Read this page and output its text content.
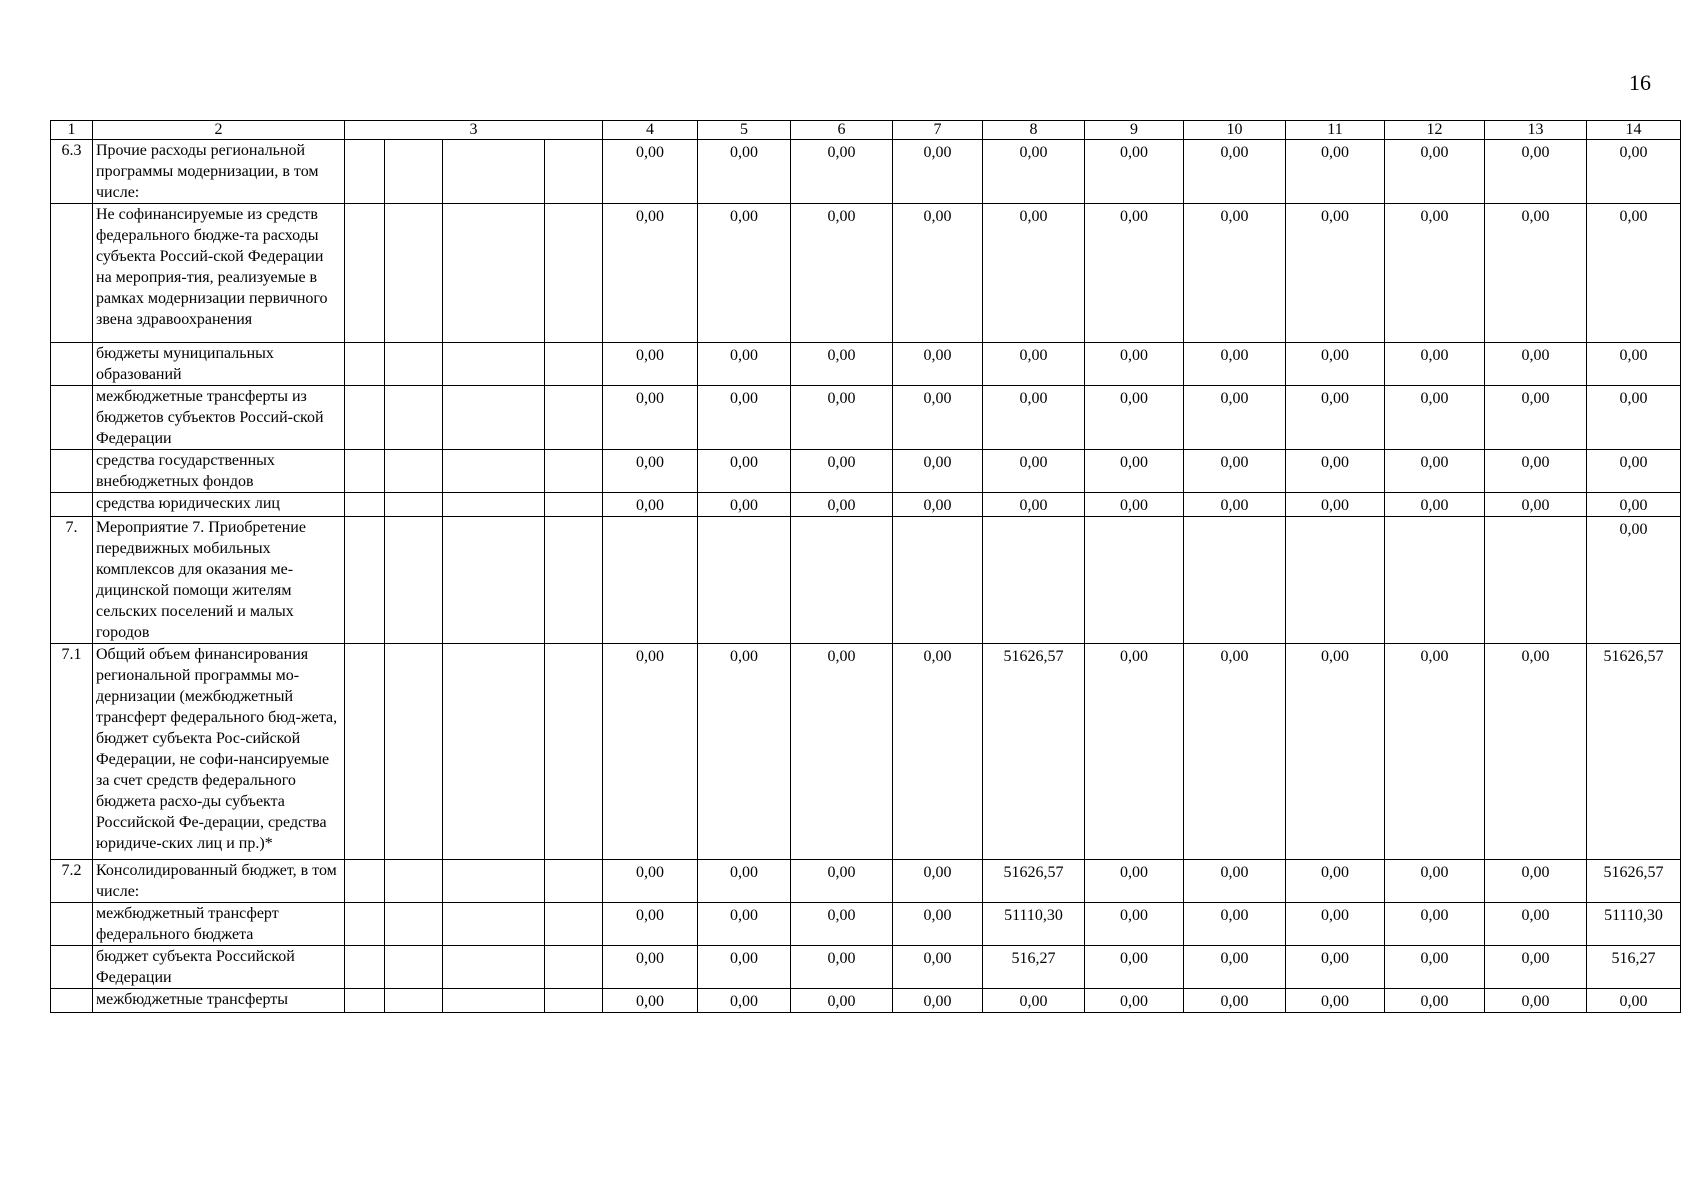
16
1	2	3				4	5	6	7	8	9	10	11	12	13	14
6.3	Прочие расходы региональной программы модернизации, в том числе:					0,00	0,00	0,00	0,00	0,00	0,00	0,00	0,00	0,00	0,00	0,00
	Не софинансируемые из средств федерального бюдже-та расходы субъекта Россий-ской Федерации на мероприя-тия, реализуемые в рамках модернизации первичного звена здравоохранения					0,00	0,00	0,00	0,00	0,00	0,00	0,00	0,00	0,00	0,00	0,00
	бюджеты муниципальных образований					0,00	0,00	0,00	0,00	0,00	0,00	0,00	0,00	0,00	0,00	0,00
	межбюджетные трансферты из бюджетов субъектов Россий-ской Федерации					0,00	0,00	0,00	0,00	0,00	0,00	0,00	0,00	0,00	0,00	0,00
	средства государственных внебюджетных фондов					0,00	0,00	0,00	0,00	0,00	0,00	0,00	0,00	0,00	0,00	0,00
	средства юридических лиц					0,00	0,00	0,00	0,00	0,00	0,00	0,00	0,00	0,00	0,00	0,00
7.	Мероприятие 7. Приобретение передвижных мобильных комплексов для оказания ме-дицинской помощи жителям сельских поселений и малых городов															0,00
7.1	Общий объем финансирования региональной программы мо-дернизации (межбюджетный трансферт федерального бюд-жета, бюджет субъекта Рос-сийской Федерации, не софи-нансируемые за счет средств федерального бюджета расхо-ды субъекта Российской Фе-дерации, средства юридиче-ских лиц и пр.)*					0,00	0,00	0,00	0,00	51626,57	0,00	0,00	0,00	0,00	0,00	51626,57
7.2	Консолидированный бюджет, в том числе:					0,00	0,00	0,00	0,00	51626,57	0,00	0,00	0,00	0,00	0,00	51626,57
	межбюджетный трансферт федерального бюджета					0,00	0,00	0,00	0,00	51110,30	0,00	0,00	0,00	0,00	0,00	51110,30
	бюджет субъекта Российской Федерации					0,00	0,00	0,00	0,00	516,27	0,00	0,00	0,00	0,00	0,00	516,27
	межбюджетные трансферты					0,00	0,00	0,00	0,00	0,00	0,00	0,00	0,00	0,00	0,00	0,00
